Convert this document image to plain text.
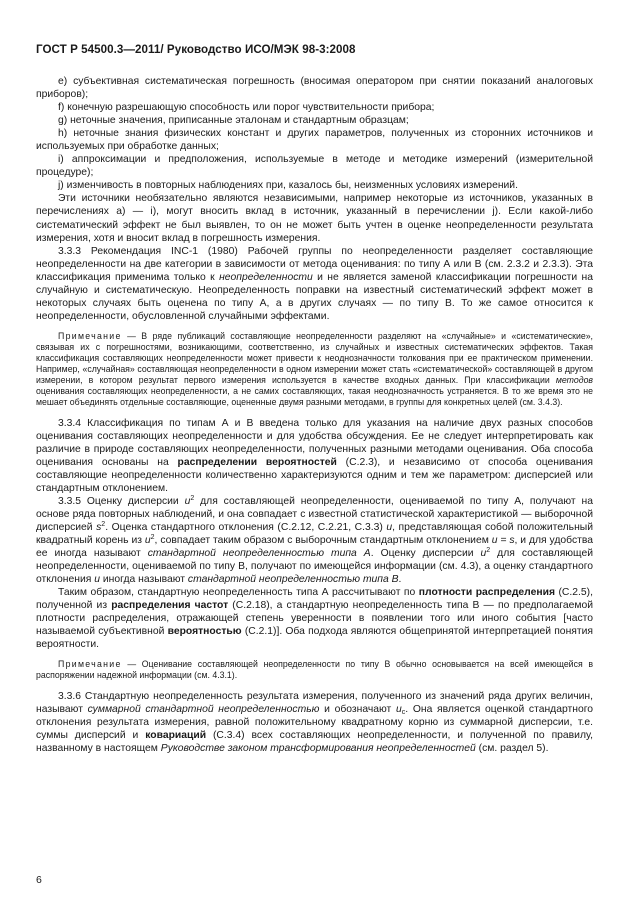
ГОСТ Р 54500.3—2011/ Руководство ИСО/МЭК 98-3:2008

е) субъективная систематическая погрешность (вносимая оператором при снятии показаний аналоговых приборов);

f) конечную разрешающую способность или порог чувствительности прибора;

g) неточные значения, приписанные эталонам и стандартным образцам;

h) неточные знания физических констант и других параметров, полученных из сторонних источников и используемых при обработке данных;

i) аппроксимации и предположения, используемые в методе и методике измерений (измерительной процедуре);

j) изменчивость в повторных наблюдениях при, казалось бы, неизменных условиях измерений.

Эти источники необязательно являются независимыми, например некоторые из источников, указанных в перечислениях а) — i), могут вносить вклад в источник, указанный в перечислении j). Если какой-либо систематический эффект не был выявлен, то он не может быть учтен в оценке неопределенности результата измерения, хотя и вносит вклад в погрешность измерения.

3.3.3 Рекомендация INC-1 (1980) Рабочей группы по неопределенности разделяет составляющие неопределенности на две категории в зависимости от метода оценивания: по типу А или В (см. 2.3.2 и 2.3.3). Эта классификация применима только к неопределенности и не является заменой классификации погрешности на случайную и систематическую. Неопределенность поправки на известный систематический эффект может в некоторых случаях быть оценена по типу А, а в других случаях — по типу В. То же самое относится к неопределенности, обусловленной случайными эффектами.

Примечание — В ряде публикаций составляющие неопределенности разделяют на «случайные» и «систематические», связывая их с погрешностями, возникающими, соответственно, из случайных и известных систематических эффектов. Такая классификация составляющих неопределенности может привести к неоднозначности толкования при ее практическом применении. Например, «случайная» составляющая неопределенности в одном измерении может стать «систематической» составляющей в другом измерении, в котором результат первого измерения используется в качестве входных данных. При классификации методов оценивания составляющих неопределенности, а не самих составляющих, такая неоднозначность устраняется. В то же время это не мешает объединять отдельные составляющие, оцененные двумя разными методами, в группы для конкретных целей (см. 3.4.3).

3.3.4 Классификация по типам А и В введена только для указания на наличие двух разных способов оценивания составляющих неопределенности и для удобства обсуждения. Ее не следует интерпретировать как различие в природе составляющих неопределенности, полученных разными методами оценивания. Оба способа оценивания основаны на распределении вероятностей (С.2.3), и независимо от способа оценивания составляющие неопределенности количественно характеризуются одним и тем же параметром: дисперсией или стандартным отклонением.

3.3.5 Оценку дисперсии $u^2$ для составляющей неопределенности, оцениваемой по типу А, получают на основе ряда повторных наблюдений, и она совпадает с известной статистической характеристикой — выборочной дисперсией $s^2$. Оценка стандартного отклонения (С.2.12, С.2.21, С.3.3) u, представляющая собой положительный квадратный корень из $u^2$, совпадает таким образом с выборочным стандартным отклонением u = s, и для удобства ее иногда называют стандартной неопределенностью типа А. Оценку дисперсии $u^2$ для составляющей неопределенности, оцениваемой по типу В, получают по имеющейся информации (см. 4.3), а оценку стандартного отклонения u иногда называют стандартной неопределенностью типа В.

Таким образом, стандартную неопределенность типа А рассчитывают по плотности распределения (С.2.5), полученной из распределения частот (С.2.18), а стандартную неопределенность типа В — по предполагаемой плотности распределения, отражающей степень уверенности в появлении того или иного события [часто называемой субъективной вероятностью (С.2.1)]. Оба подхода являются общепринятой интерпретацией понятия вероятности.

Примечание — Оценивание составляющей неопределенности по типу В обычно основывается на всей имеющейся в распоряжении надежной информации (см. 4.3.1).

3.3.6 Стандартную неопределенность результата измерения, полученного из значений ряда других величин, называют суммарной стандартной неопределенностью и обозначают $u_c$. Она является оценкой стандартного отклонения результата измерения, равной положительному квадратному корню из суммарной дисперсии, т.е. суммы дисперсий и ковариаций (С.3.4) всех составляющих неопределенности, и полученной по правилу, названному в настоящем Руководстве законом трансформирования неопределенностей (см. раздел 5).

6
